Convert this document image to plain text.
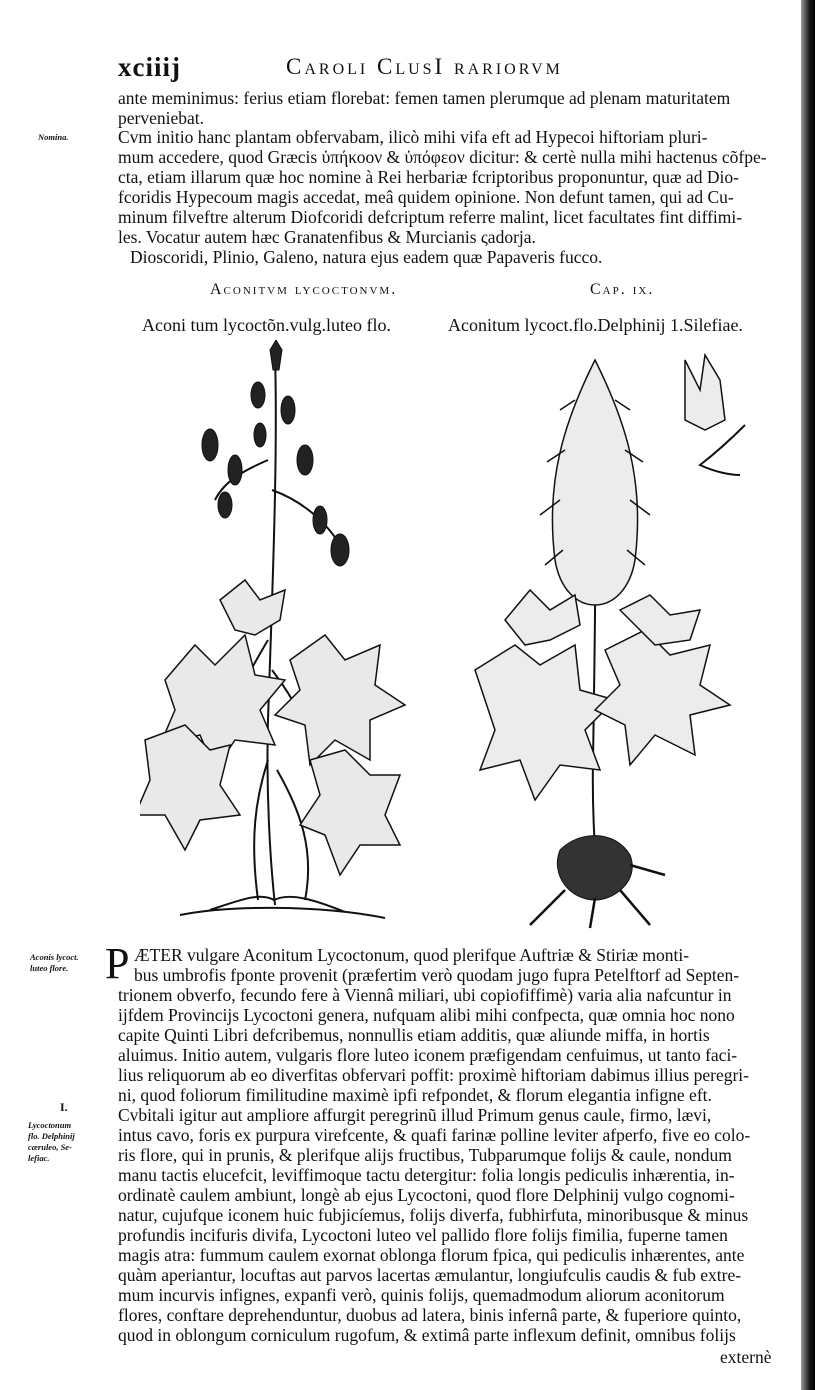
xciiij	Caroli ClusI rariorvm
Nomina.
ante meminimus: ferius etiam florebat: femen tamen plerumque ad plenam maturitatem
perveniebat.
Cvm initio hanc plantam obfervabam, ilicò mihi vifa eft ad Hypecoi hiftoriam pluri-
mum accedere, quod Græcis ὑπήκοον & ὑπόφεον dicitur: & certè nulla mihi hactenus cõfpe-
cta, etiam illarum quæ hoc nomine à Rei herbariæ fcriptoribus proponuntur, quæ ad Dio-
fcoridis Hypecoum magis accedat, meâ quidem opinione. Non defunt tamen, qui ad Cu-
minum filveftre alterum Diofcoridi defcriptum referre malint, licet facultates fint diffimi-
les. Vocatur autem hæc Granatenfibus & Murcianis ςadorja.
Dioscoridi, Plinio, Galeno, natura ejus eadem quæ Papaveris fucco.
Aconitvm lycoctonvm.	Cap. ix.
Aconi tum lycoctõn.vulg.luteo flo.	Aconitum lycoct.flo.Delphinij 1.Silefiae.
Aconis lycoct.
luteo flore.
I.
Lycoctonum
flo. Delphinij
cæruleo, Se-
lefiac.
P ÆTER vulgare Aconitum Lycoctonum, quod plerifque Auftriæ & Stiriæ monti-
bus umbrofis fponte provenit (præfertim verò quodam jugo fupra Petelftorf ad Septen-
trionem obverfo, fecundo fere à Viennâ miliari, ubi copiofiffimè) varia alia nafcuntur in
ijfdem Provincijs Lycoctoni genera, nufquam alibi mihi confpecta, quæ omnia hoc nono
capite Quinti Libri defcribemus, nonnullis etiam additis, quæ aliunde miffa, in hortis
aluimus. Initio autem, vulgaris flore luteo iconem præfigendam cenfuimus, ut tanto faci-
lius reliquorum ab eo diverfitas obfervari poffit: proximè hiftoriam dabimus illius peregri-
ni, quod foliorum fimilitudine maximè ipfi refpondet, & florum elegantia infigne eft.
Cvbitali igitur aut ampliore affurgit peregrinũ illud Primum genus caule, firmo, lævi,
intus cavo, foris ex purpura virefcente, & quafi farinæ polline leviter afperfo, five eo colo-
ris flore, qui in prunis, & plerifque alijs fructibus, Tubparumque folijs & caule, nondum
manu tactis elucefcit, leviffimoque tactu detergitur: folia longis pediculis inhærentia, in-
ordinatè caulem ambiunt, longè ab ejus Lycoctoni, quod flore Delphinij vulgo cognomi-
natur, cujufque iconem huic fubjicíemus, folijs diverfa, fubhirfuta, minoribusque & minus
profundis incifuris divifa, Lycoctoni luteo vel pallido flore folijs fimilia, fuperne tamen
magis atra: fummum caulem exornat oblonga florum fpica, qui pediculis inhærentes, ante
quàm aperiantur, locuftas aut parvos lacertas æmulantur, longiufculis caudis & fub extre-
mum incurvis infignes, expanfi verò, quinis folijs, quemadmodum aliorum aconitorum
flores, conftare deprehenduntur, duobus ad latera, binis infernâ parte, & fuperiore quinto,
quod in oblongum corniculum rugofum, & extimâ parte inflexum definit, omnibus folijs
externè
